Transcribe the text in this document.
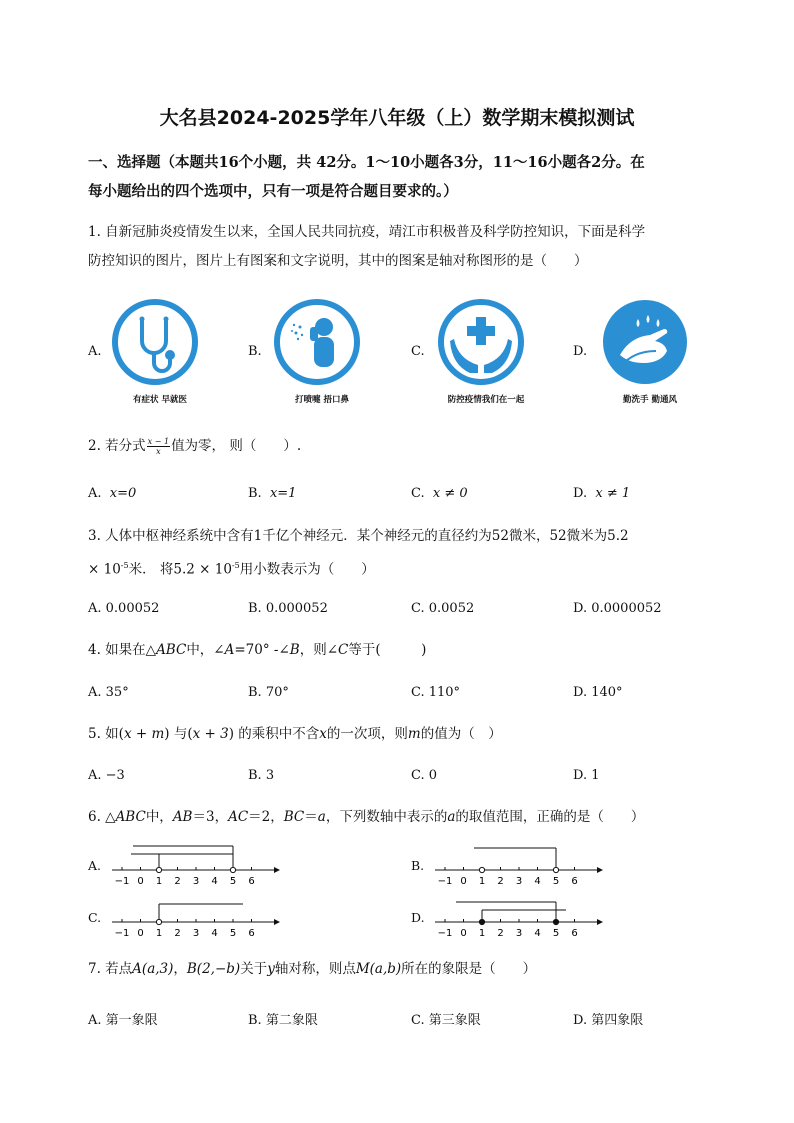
大名县2024-2025学年八年级（上）数学期末模拟测试
一、选择题（本题共16个小题，共 42分。1～10小题各3分，11～16小题各2分。在
每小题给出的四个选项中，只有一项是符合题目要求的。）
1. 自新冠肺炎疫情发生以来，全国人民共同抗疫，靖江市积极普及科学防控知识，下面是科学
防控知识的图片，图片上有图案和文字说明，其中的图案是轴对称图形的是（　　）
A.
有症状 早就医
B.
打喷嚏 捂口鼻
C.
防控疫情我们在一起
D.
勤洗手 勤通风
2. 若分式 $\frac{x - 1}{x}$ 值为零， 则（　　）.
A. x=0	B. x=1	C. x ≠ 0	D. x ≠ 1
3. 人体中枢神经系统中含有1千亿个神经元．某个神经元的直径约为52微米，52微米为5.2
× $10^{-5}$米． 将$5.2 \times 10^{-5}$用小数表示为（　　）
A. 0.00052	B. 0.000052	C. 0.0052	D. 0.0000052
4. 如果在△ABC中，∠A=70° -∠B，则∠C等于(　　　)
A. 35°	B. 70°	C. 110°	D. 140°
5. 如(x + m) 与(x + 3) 的乘积中不含x的一次项，则m的值为（　）
A. −3	B. 3	C. 0	D. 1
6. △ABC中，AB＝3，AC＝2，BC＝a，下列数轴中表示的a的取值范围，正确的是（　　）
A.
−1 0 1 2 3 4 5 6
B.
−1 0 1 2 3 4 5 6
C.
−1 0 1 2 3 4 5 6
D.
−1 0 1 2 3 4 5 6
7. 若点A(a,3)，B(2,−b)关于y轴对称，则点M(a,b)所在的象限是（　　）
A. 第一象限	B. 第二象限	C. 第三象限	D. 第四象限
